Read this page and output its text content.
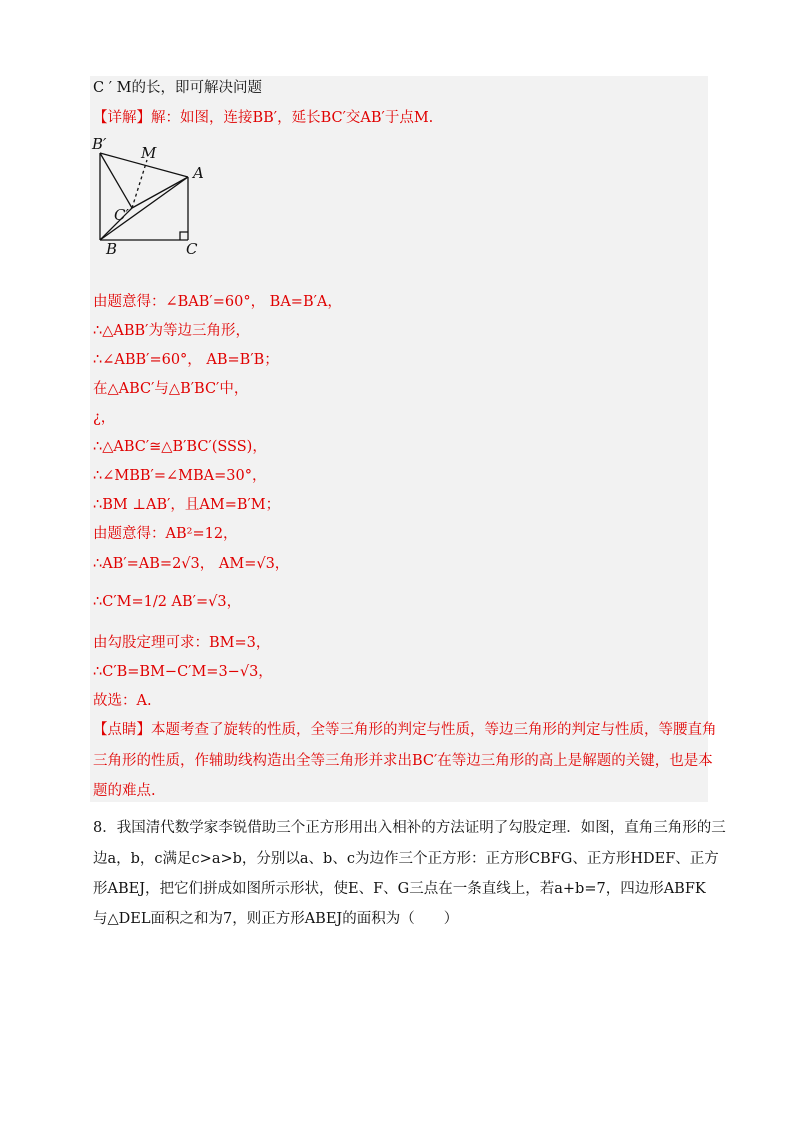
C ′ M的长，即可解决问题
【详解】解：如图，连接BB′，延长BC′交AB′于点M.
B′ M
A
C′
B	C
由题意得：∠BAB′=60°， BA=B′A，
∴△ABB′为等边三角形，
∴∠ABB′=60°， AB=B′B；
在△ABC′与△B′BC′中，
¿，
∴△ABC′≅△B′BC′(SSS)，
∴∠MBB′=∠MBA=30°，
∴BM ⊥AB′，且AM=B′M；
由题意得：AB²=12，
∴AB′=AB=2√3， AM=√3，
∴C′M=1/2 AB′=√3，
由勾股定理可求：BM=3，
∴C′B=BM−C′M=3−√3，
故选：A.
【点睛】本题考查了旋转的性质，全等三角形的判定与性质，等边三角形的判定与性质，等腰直角
三角形的性质，作辅助线构造出全等三角形并求出BC′在等边三角形的高上是解题的关键，也是本
题的难点.
8．我国清代数学家李锐借助三个正方形用出入相补的方法证明了勾股定理．如图，直角三角形的三
边a，b，c满足c>a>b，分别以a、b、c为边作三个正方形：正方形CBFG、正方形HDEF、正方
形ABEJ，把它们拼成如图所示形状，使E、F、G三点在一条直线上，若a+b=7，四边形ABFK
与△DEL面积之和为7，则正方形ABEJ的面积为（　　）
